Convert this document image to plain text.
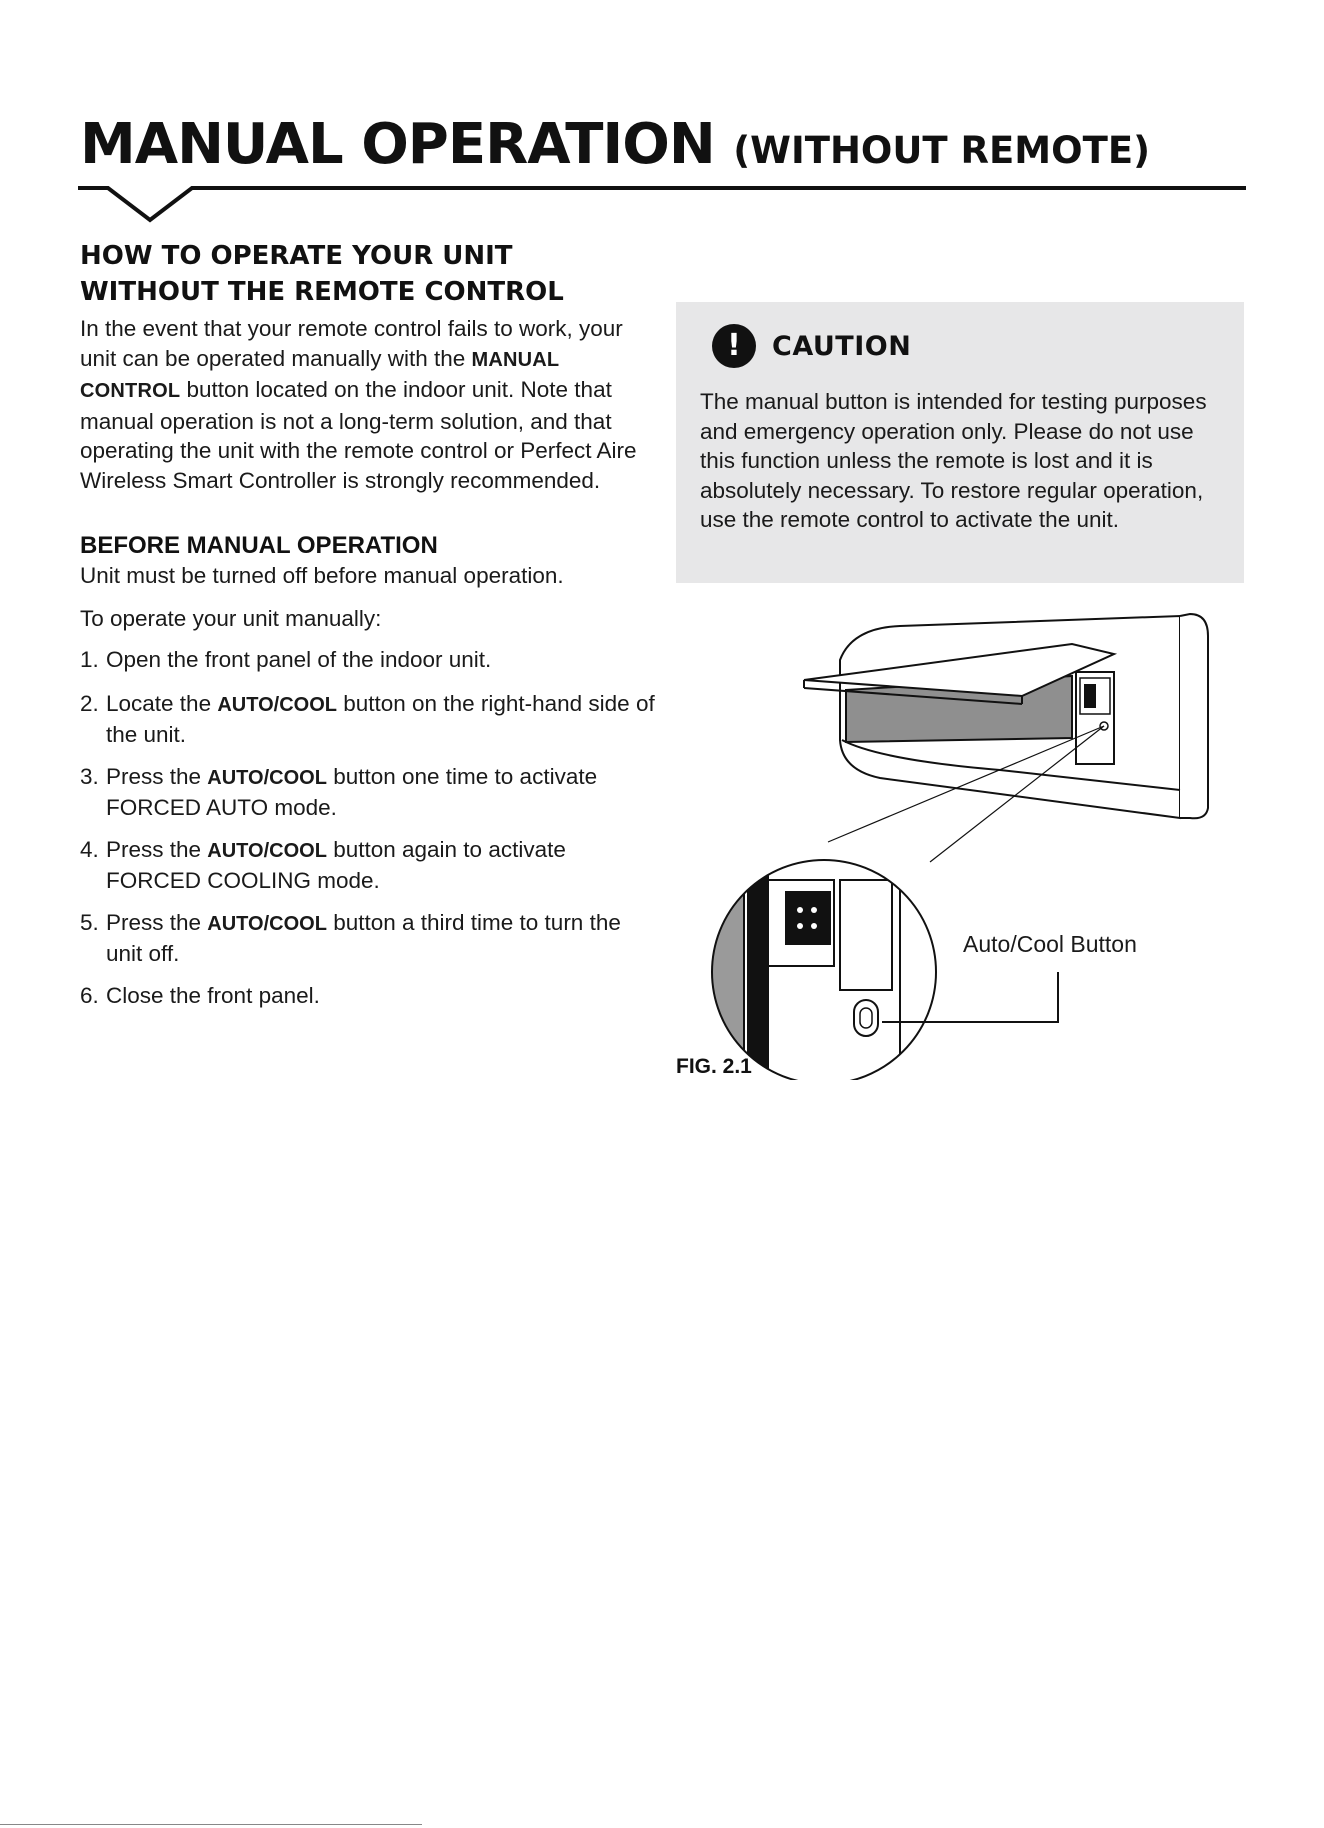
MANUAL OPERATION (WITHOUT REMOTE)
HOW TO OPERATE YOUR UNIT
WITHOUT THE REMOTE CONTROL

In the event that your remote control fails to work, your unit can be operated manually with the MANUAL CONTROL button located on the indoor unit. Note that manual operation is not a long-term solution, and that operating the unit with the remote control or Perfect Aire Wireless Smart Controller is strongly recommended.

BEFORE MANUAL OPERATION

Unit must be turned off before manual operation.

To operate your unit manually:

1. Open the front panel of the indoor unit.
2. Locate the AUTO/COOL button on the right-hand side of the unit.
3. Press the AUTO/COOL button one time to activate FORCED AUTO mode.
4. Press the AUTO/COOL button again to activate FORCED COOLING mode.
5. Press the AUTO/COOL button a third time to turn the unit off.
6. Close the front panel.
!	CAUTION

The manual button is intended for testing purposes and emergency operation only. Please do not use this function unless the remote is lost and it is absolutely necessary. To restore regular operation, use the remote control to activate the unit.

Auto/Cool Button
FIG. 2.1
